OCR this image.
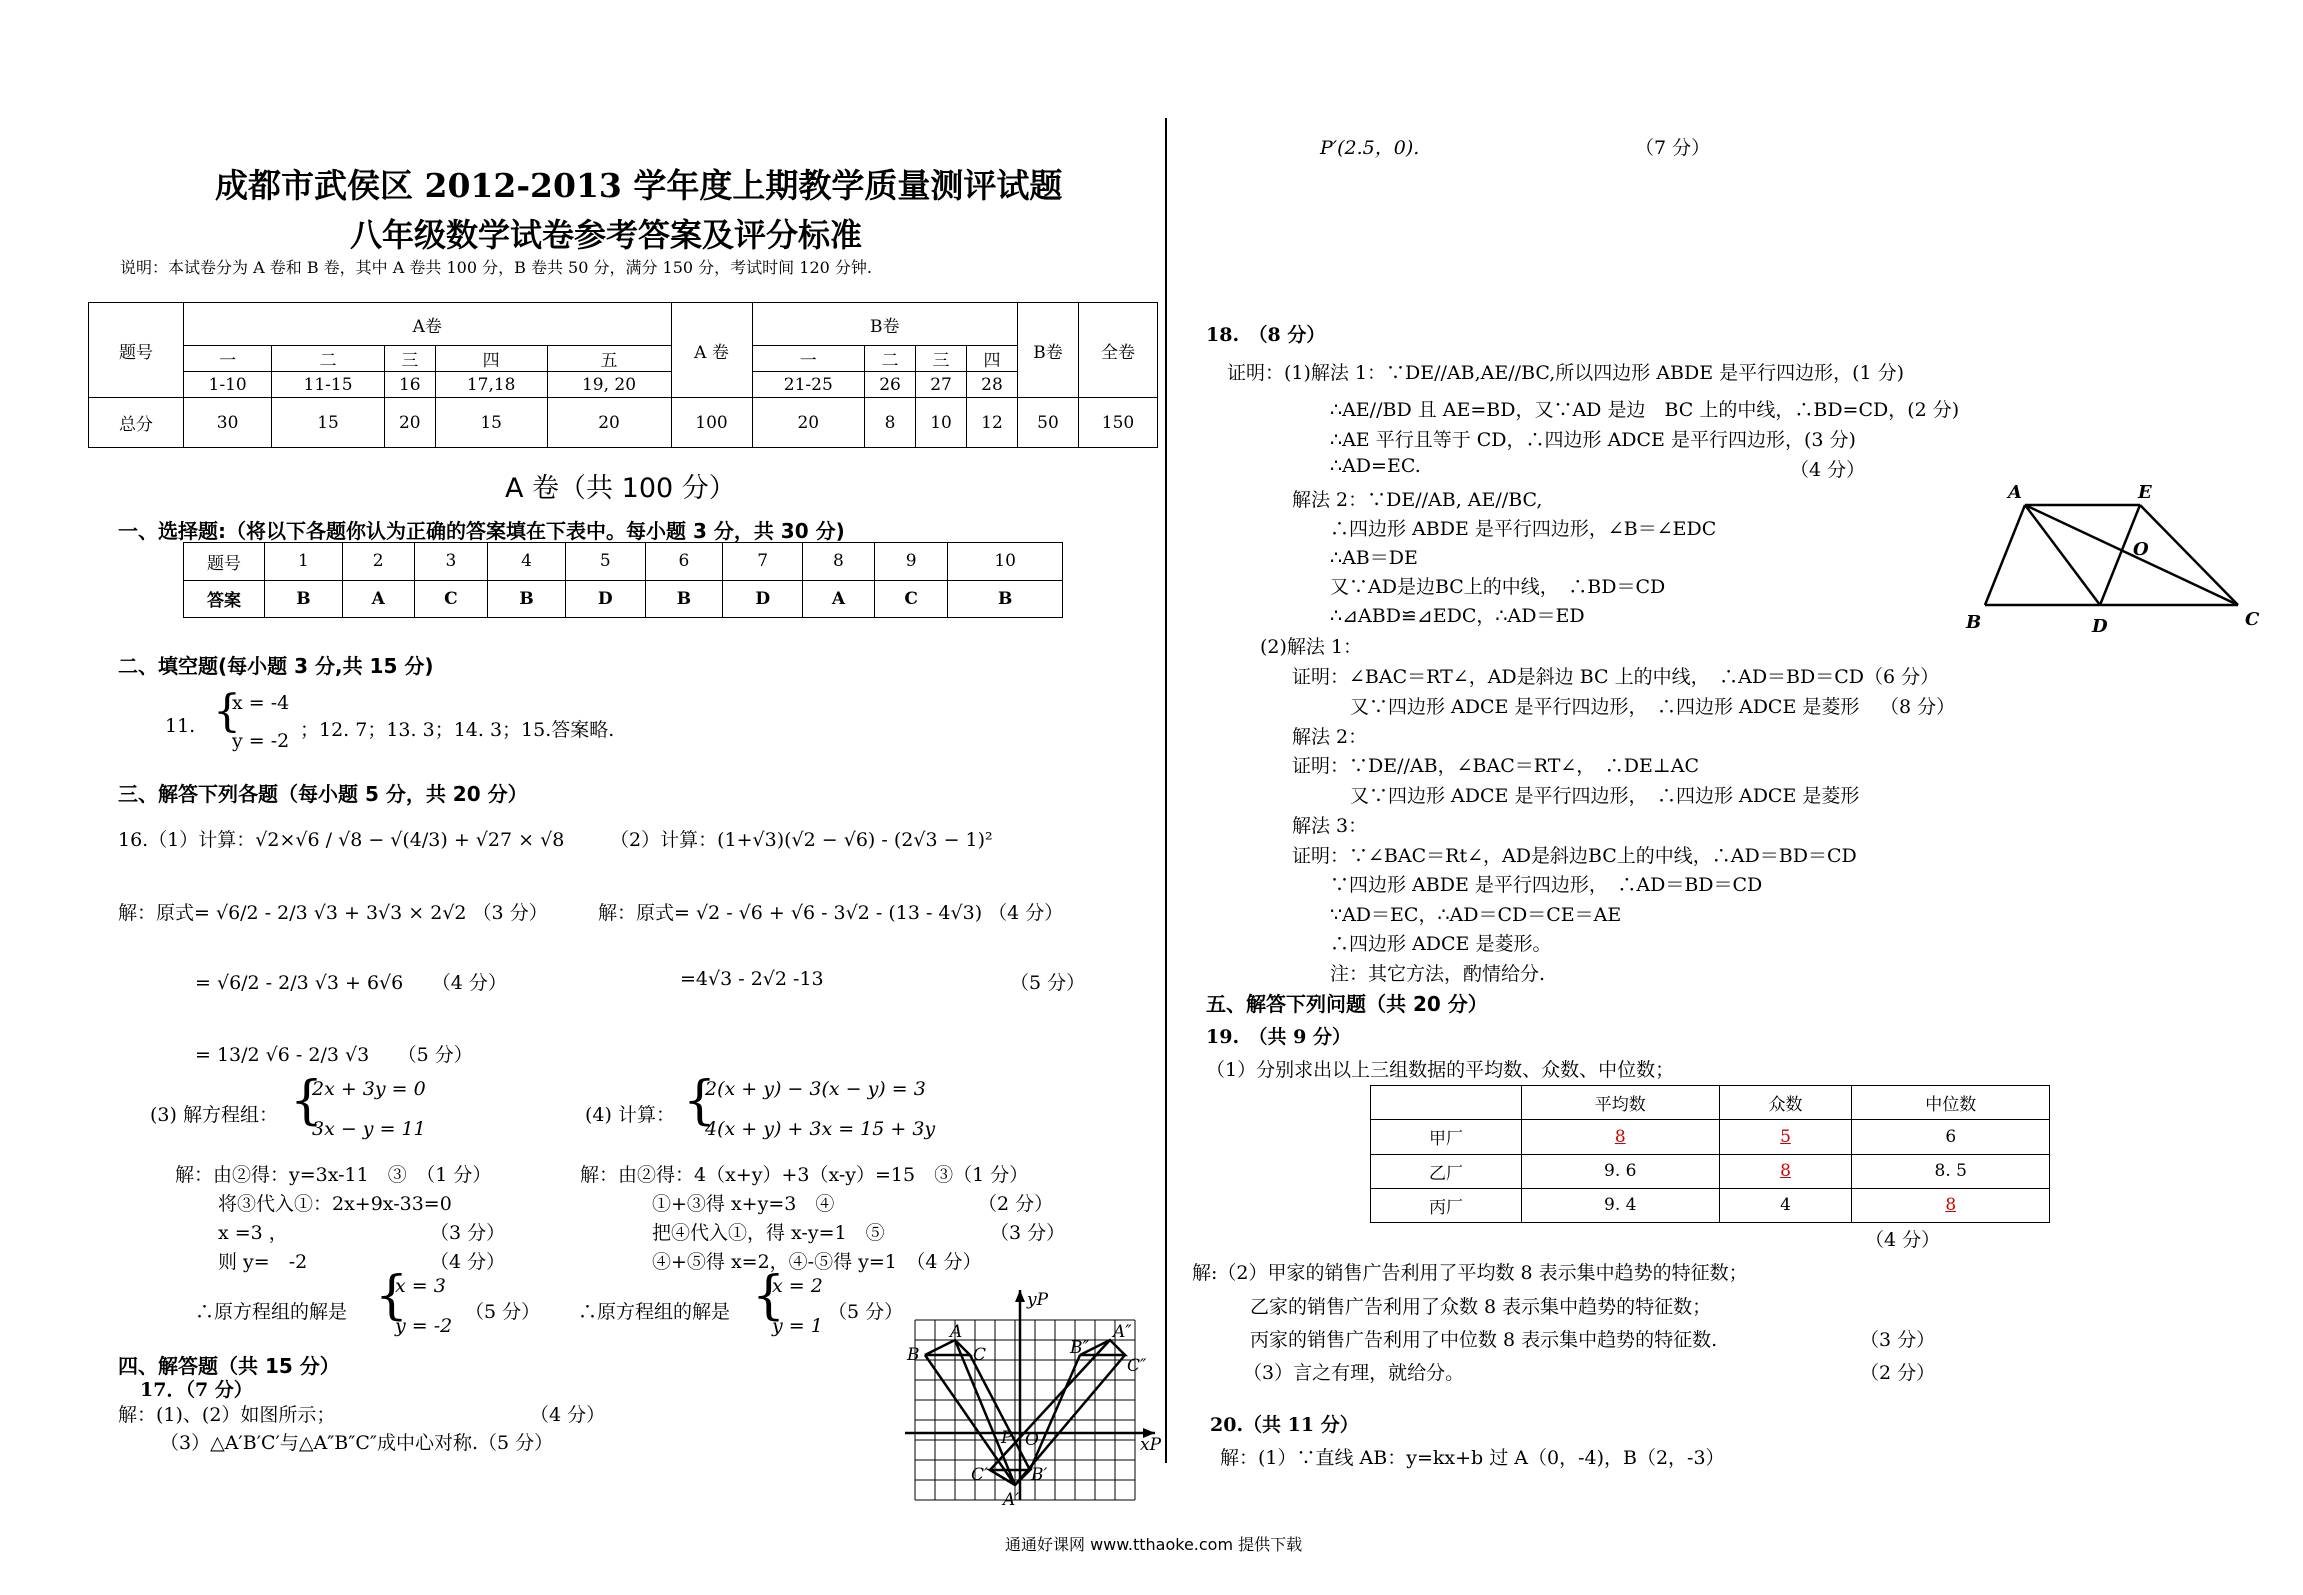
成都市武侯区 2012-2013 学年度上期教学质量测评试题
八年级数学试卷参考答案及评分标准
说明：本试卷分为 A 卷和 B 卷，其中 A 卷共 100 分，B 卷共 50 分，满分 150 分，考试时间 120 分钟.
题号	A卷					A 卷	B卷				B卷	全卷
	一	二	三	四	五		一	二	三	四		
	1-10	11-15	16	17,18	19, 20		21-25	26	27	28		
总分	30	15	20	15	20	100	20	8	10	12	50	150
A 卷（共 100 分）
一、选择题:（将以下各题你认为正确的答案填在下表中。每小题 3 分，共 30 分)
题号	1	2	3	4	5	6	7	8	9	10
答案	B	A	C	B	D	B	D	A	C	B
二、填空题(每小题 3 分,共 15 分)
11. {
x = -4
y = -2 ；12. 7；13. 3；14. 3；15.答案略.
三、解答下列各题（每小题 5 分，共 20 分）
16.（1）计算：√2×√6 / √8 − √(4/3) + √27 × √8 （2）计算：(1+√3)(√2 − √6) - (2√3 − 1)²
解：原式= √6/2 - 2/3 √3 + 3√3 × 2√2 （3 分）
= √6/2 - 2/3 √3 + 6√6　　（4 分）
= 13/2 √6 - 2/3 √3　　（5 分）
解：原式= √2 - √6 + √6 - 3√2 - (13 - 4√3) （4 分）
=4√3 - 2√2 -13	（5 分）
(3) 解方程组： {
2x + 3y = 0
3x − y = 11
(4) 计算： {
2(x + y) − 3(x − y) = 3
4(x + y) + 3x = 15 + 3y
解：由②得：y=3x-11　③　（1 分）
将③代入①：2x+9x-33=0
x =3 ，	（3 分）
则 y=　-2	（4 分）
∴原方程组的解是 {
x = 3
y = -2
（5 分）
解：由②得：4（x+y）+3（x-y）=15　③（1 分）
①+③得 x+y=3　④	（2 分）
把④代入①，得 x-y=1　⑤	（3 分）
④+⑤得 x=2，④-⑤得 y=1　（4 分）
∴原方程组的解是 {
x = 2
y = 1
（5 分）
四、解答题（共 15 分）
17．（7 分）
解：(1)、(2）如图所示；	（4 分）
（3）△A′B′C′与△A″B″C″成中心对称.（5 分）
yP
xP
B
A
C
P O
B″
A″
C″
C′
A′
B′
P′(2.5，0).	（7 分）
18.　（8 分）
证明：(1)解法 1：∵DE//AB,AE//BC,所以四边形 ABDE 是平行四边形，(1 分)
∴AE//BD 且 AE=BD，又∵AD 是边　BC 上的中线，∴BD=CD，(2 分)
∴AE 平行且等于 CD，∴四边形 ADCE 是平行四边形，(3 分)
∴AD=EC.	（4 分）
解法 2：∵DE//AB, AE//BC,
∴四边形 ABDE 是平行四边形，∠B＝∠EDC
∴AB＝DE
又∵AD是边BC上的中线，　∴BD＝CD
∴⊿ABD≌⊿EDC，∴AD＝ED
(2)解法 1：
证明：∠BAC＝RT∠，AD是斜边 BC 上的中线，　∴AD＝BD＝CD（6 分）
又∵四边形 ADCE 是平行四边形，　∴四边形 ADCE 是菱形 （8 分）
解法 2：
证明：∵DE//AB，∠BAC＝RT∠，　∴DE⊥AC
又∵四边形 ADCE 是平行四边形，　∴四边形 ADCE 是菱形
解法 3：
证明：∵∠BAC＝Rt∠，AD是斜边BC上的中线，∴AD＝BD＝CD
∵四边形 ABDE 是平行四边形，　∴AD＝BD＝CD
∵AD＝EC，∴AD＝CD＝CE＝AE
∴四边形 ADCE 是菱形。
注：其它方法，酌情给分.
A	E
O
B	D	C
五、解答下列问题（共 20 分）
19.　（共 9 分）
（1）分别求出以上三组数据的平均数、众数、中位数；
	平均数	众数	中位数
甲厂	8	5	6
乙厂	9. 6	8	8. 5
丙厂	9. 4	4	8
（4 分）
解:（2）甲家的销售广告利用了平均数 8 表示集中趋势的特征数；
乙家的销售广告利用了众数 8 表示集中趋势的特征数；
丙家的销售广告利用了中位数 8 表示集中趋势的特征数.	（3 分）
（3）言之有理，就给分。	（2 分）
20.（共 11 分）
解：(1）∵直线 AB：y=kx+b 过 A（0，-4)，B（2，-3）
通通好课网 www.tthaoke.com 提供下载
